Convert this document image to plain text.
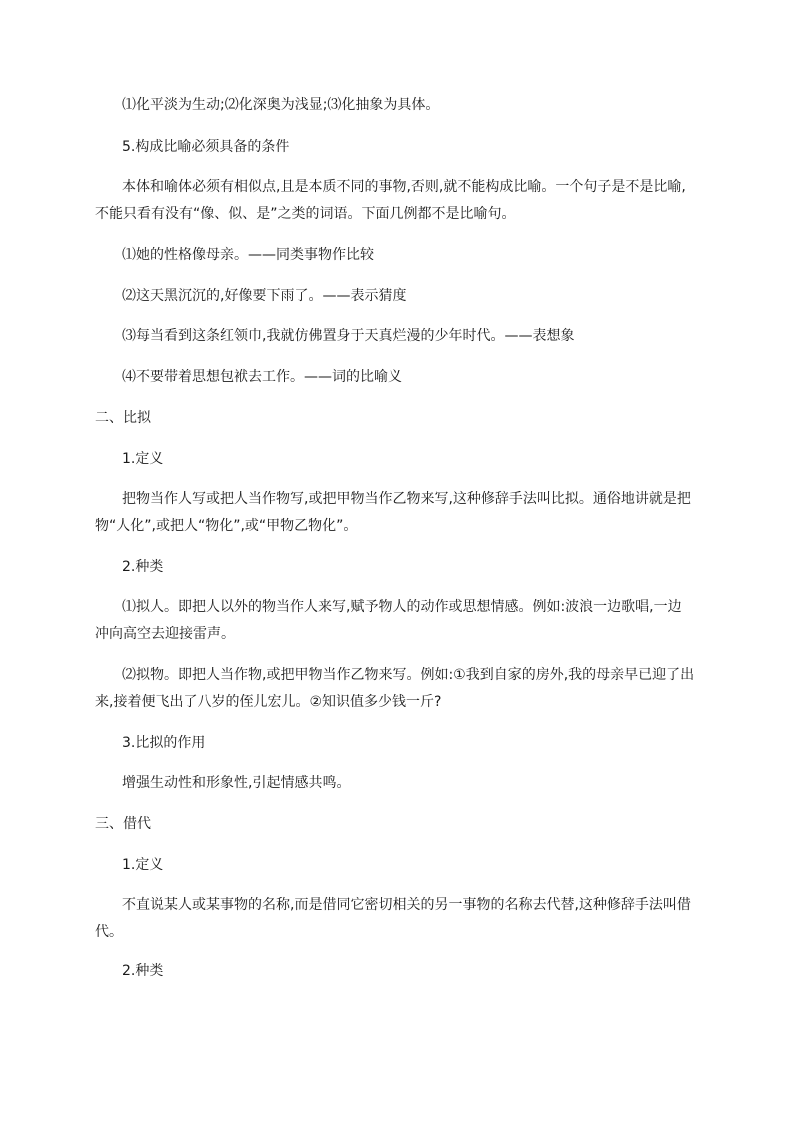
⑴化平淡为生动;⑵化深奥为浅显;⑶化抽象为具体。
5.构成比喻必须具备的条件
本体和喻体必须有相似点,且是本质不同的事物,否则,就不能构成比喻。一个句子是不是比喻,不能只看有没有“像、似、是”之类的词语。下面几例都不是比喻句。
⑴她的性格像母亲。——同类事物作比较
⑵这天黑沉沉的,好像要下雨了。——表示猜度
⑶每当看到这条红领巾,我就仿佛置身于天真烂漫的少年时代。——表想象
⑷不要带着思想包袱去工作。——词的比喻义
二、比拟
1.定义
把物当作人写或把人当作物写,或把甲物当作乙物来写,这种修辞手法叫比拟。通俗地讲就是把物“人化”,或把人“物化”,或“甲物乙物化”。
2.种类
⑴拟人。即把人以外的物当作人来写,赋予物人的动作或思想情感。例如:波浪一边歌唱,一边冲向高空去迎接雷声。
⑵拟物。即把人当作物,或把甲物当作乙物来写。例如:①我到自家的房外,我的母亲早已迎了出来,接着便飞出了八岁的侄儿宏儿。②知识值多少钱一斤?
3.比拟的作用
增强生动性和形象性,引起情感共鸣。
三、借代
1.定义
不直说某人或某事物的名称,而是借同它密切相关的另一事物的名称去代替,这种修辞手法叫借代。
2.种类
